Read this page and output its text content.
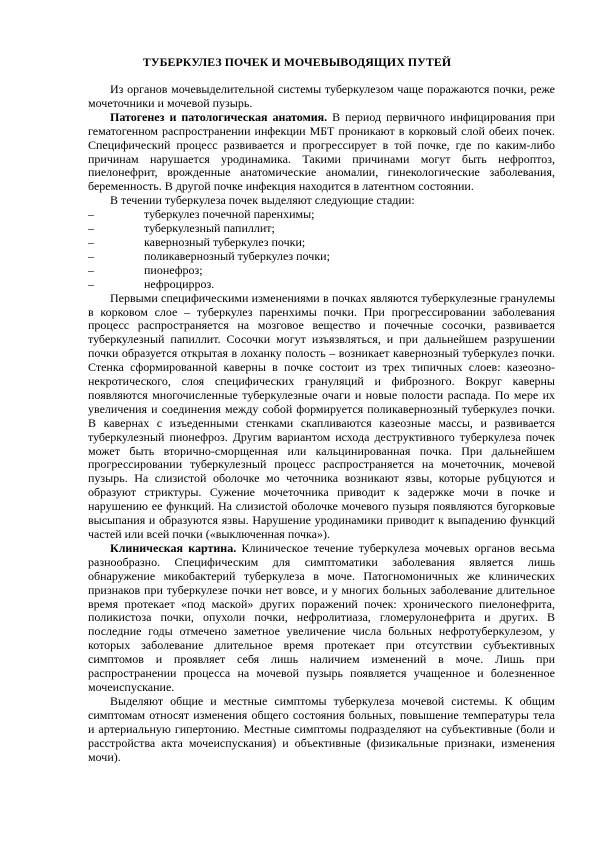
ТУБЕРКУЛЕЗ ПОЧЕК И МОЧЕВЫВОДЯЩИХ ПУТЕЙ

Из органов мочевыделительной системы туберкулезом чаще поражаются почки, реже мочеточники и мочевой пузырь.

Патогенез и патологическая анатомия. В период первичного инфицирования при гематогенном распространении инфекции МБТ проникают в корковый слой обеих почек. Специфический процесс развивается и прогрессирует в той почке, где по каким-либо причинам нарушается уродинамика. Такими причинами могут быть нефроптоз, пиелонефрит, врожденные анатомические аномалии, гинекологические заболевания, беременность. В другой почке инфекция находится в латентном состоянии.

В течении туберкулеза почек выделяют следующие стадии:

–	туберкулез почечной паренхимы;
–	туберкулезный папиллит;
–	кавернозный туберкулез почки;
–	поликавернозный туберкулез почки;
–	пионефроз;
–	нефроцирроз.

Первыми специфическими изменениями в почках являются туберкулезные гранулемы в корковом слое – туберкулез паренхимы почки. При прогрессировании заболевания процесс распространяется на мозговое вещество и почечные сосочки, развивается туберкулезный папиллит. Сосочки могут изъязвляться, и при дальнейшем разрушении почки образуется открытая в лоханку полость – возникает кавернозный туберкулез почки. Стенка сформированной каверны в почке состоит из трех типичных слоев: казеозно-некротического, слоя специфических грануляций и фиброзного. Вокруг каверны появляются многочисленные туберкулезные очаги и новые полости распада. По мере их увеличения и соединения между собой формируется поликавернозный туберкулез почки. В кавернах с изъеденными стенками скапливаются казеозные массы, и развивается туберкулезный пионефроз. Другим вариантом исхода деструктивного туберкулеза почек может быть вторично-сморщенная или кальцинированная почка. При дальнейшем прогрессировании туберкулезный процесс распространяется на мочеточник, мочевой пузырь. На слизистой оболочке мо четочника возникают язвы, которые рубцуются и образуют стриктуры. Сужение мочеточника приводит к задержке мочи в почке и нарушению ее функций. На слизистой оболочке мочевого пузыря появляются бугорковые высыпания и образуются язвы. Нарушение уродинамики приводит к выпадению функций частей или всей почки («выключенная почка»).

Клиническая картина. Клиническое течение туберкулеза мочевых органов весьма разнообразно. Специфическим для симптоматики заболевания является лишь обнаружение микобактерий туберкулеза в моче. Патогномоничных же клинических признаков при туберкулезе почки нет вовсе, и у многих больных заболевание длительное время протекает «под маской» других поражений почек: хронического пиелонефрита, поликистоза почки, опухоли почки, нефролитиаза, гломерулонефрита и других. В последние годы отмечено заметное увеличение числа больных нефротуберкулезом, у которых заболевание длительное время протекает при отсутствии субъективных симптомов и проявляет себя лишь наличием изменений в моче. Лишь при распространении процесса на мочевой пузырь появляется учащенное и болезненное мочеиспускание.

Выделяют общие и местные симптомы туберкулеза мочевой системы. К общим симптомам относят изменения общего состояния больных, повышение температуры тела и артериальную гипертонию. Местные симптомы подразделяют на субъективные (боли и расстройства акта мочеиспускания) и объективные (физикальные признаки, изменения мочи).
